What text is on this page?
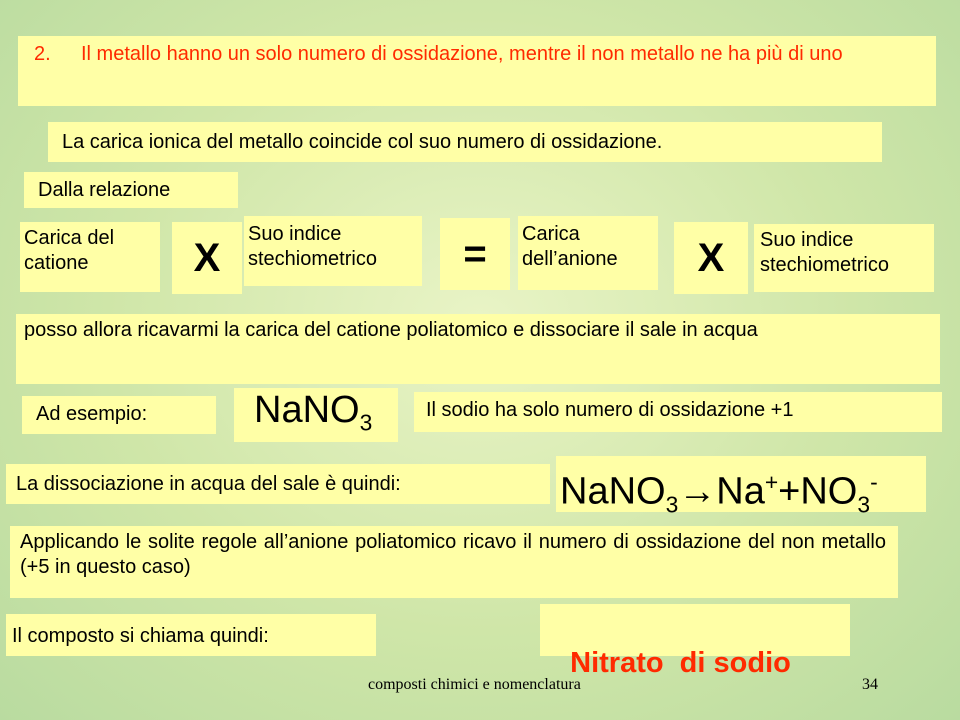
2.	Il metallo hanno un solo numero di ossidazione, mentre il non metallo ne ha più di uno
La carica ionica del metallo coincide col suo numero di ossidazione.
Dalla relazione
Carica del catione	X
Suo indice stechiometrico	=	Carica dell’anione	X	Suo indice stechiometrico
posso allora ricavarmi la carica del catione poliatomico e dissociare il sale in acqua
Ad esempio:	NaNO$_3$	Il sodio ha solo numero di ossidazione +1
La dissociazione in acqua del sale è quindi:	$NaNO_3\to Na^++NO_3^-$
Applicando le solite regole all’anione poliatomico ricavo il numero di ossidazione del non metallo (+5 in questo caso)
Il composto si chiama quindi:

Nitrato  di sodio

composti chimici e nomenclatura	34
